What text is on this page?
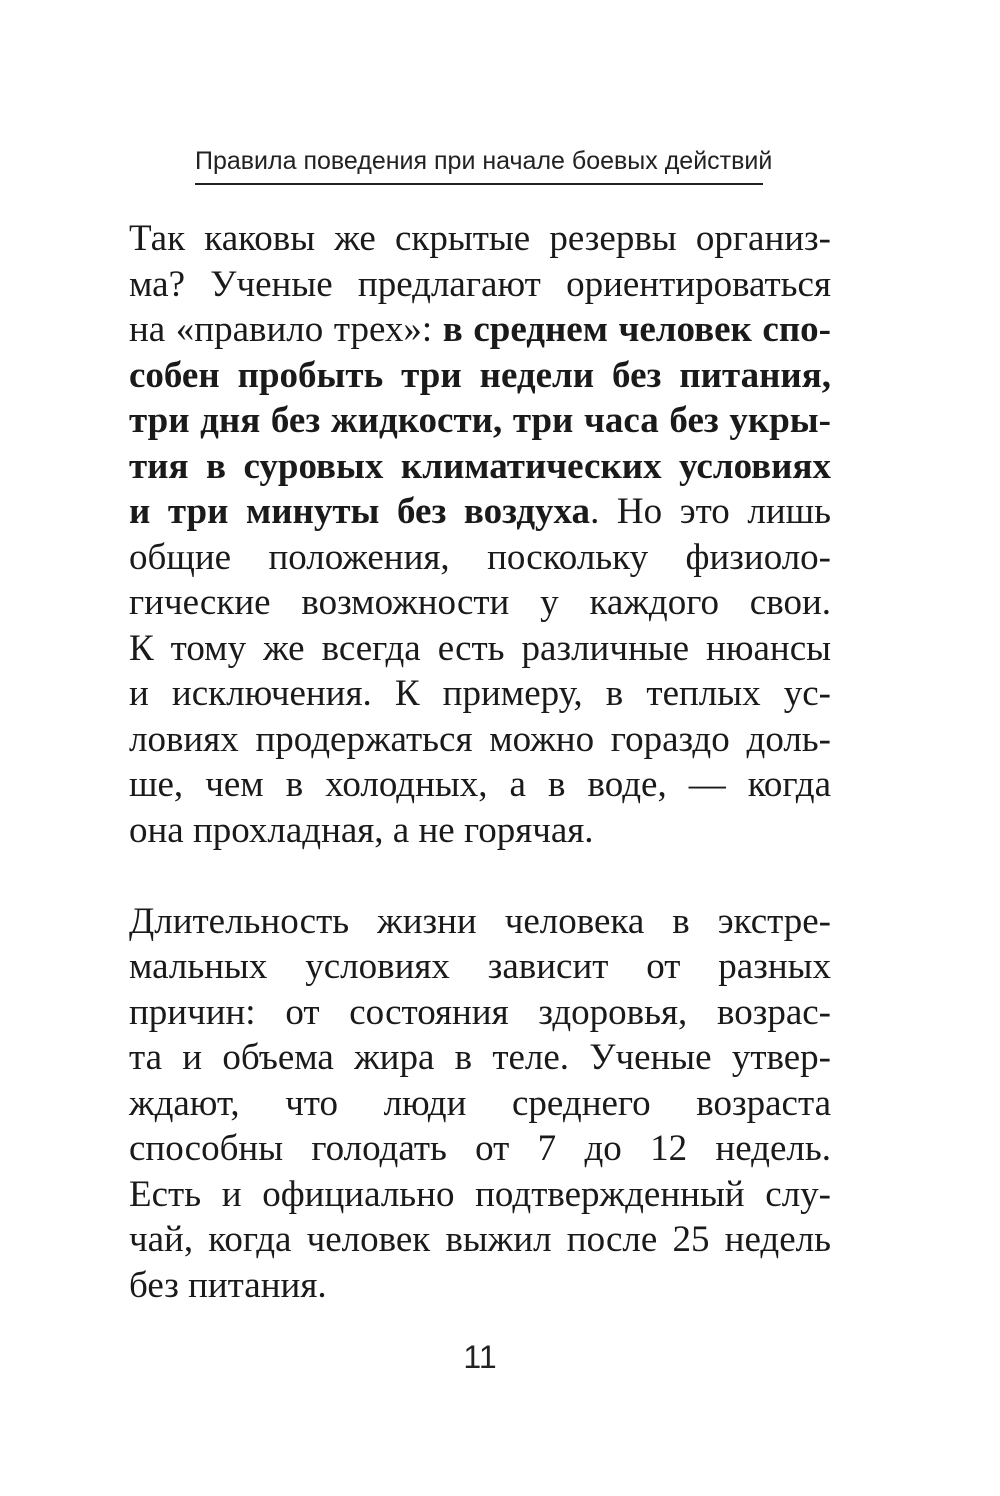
Правила поведения при начале боевых действий
Так каковы же скрытые резервы организ-
ма? Ученые предлагают ориентироваться
на «правило трех»: в среднем человек спо-
собен пробыть три недели без питания,
три дня без жидкости, три часа без укры-
тия в суровых климатических условиях
и три минуты без воздуха. Но это лишь
общие положения, поскольку физиоло-
гические возможности у каждого свои.
К тому же всегда есть различные нюансы
и исключения. К примеру, в теплых ус-
ловиях продержаться можно гораздо доль-
ше, чем в холодных, а в воде, — когда
она прохладная, а не горячая.
Длительность жизни человека в экстре-
мальных условиях зависит от разных
причин: от состояния здоровья, возрас-
та и объема жира в теле. Ученые утвер-
ждают, что люди среднего возраста
способны голодать от 7 до 12 недель.
Есть и официально подтвержденный слу-
чай, когда человек выжил после 25 недель
без питания.
11
